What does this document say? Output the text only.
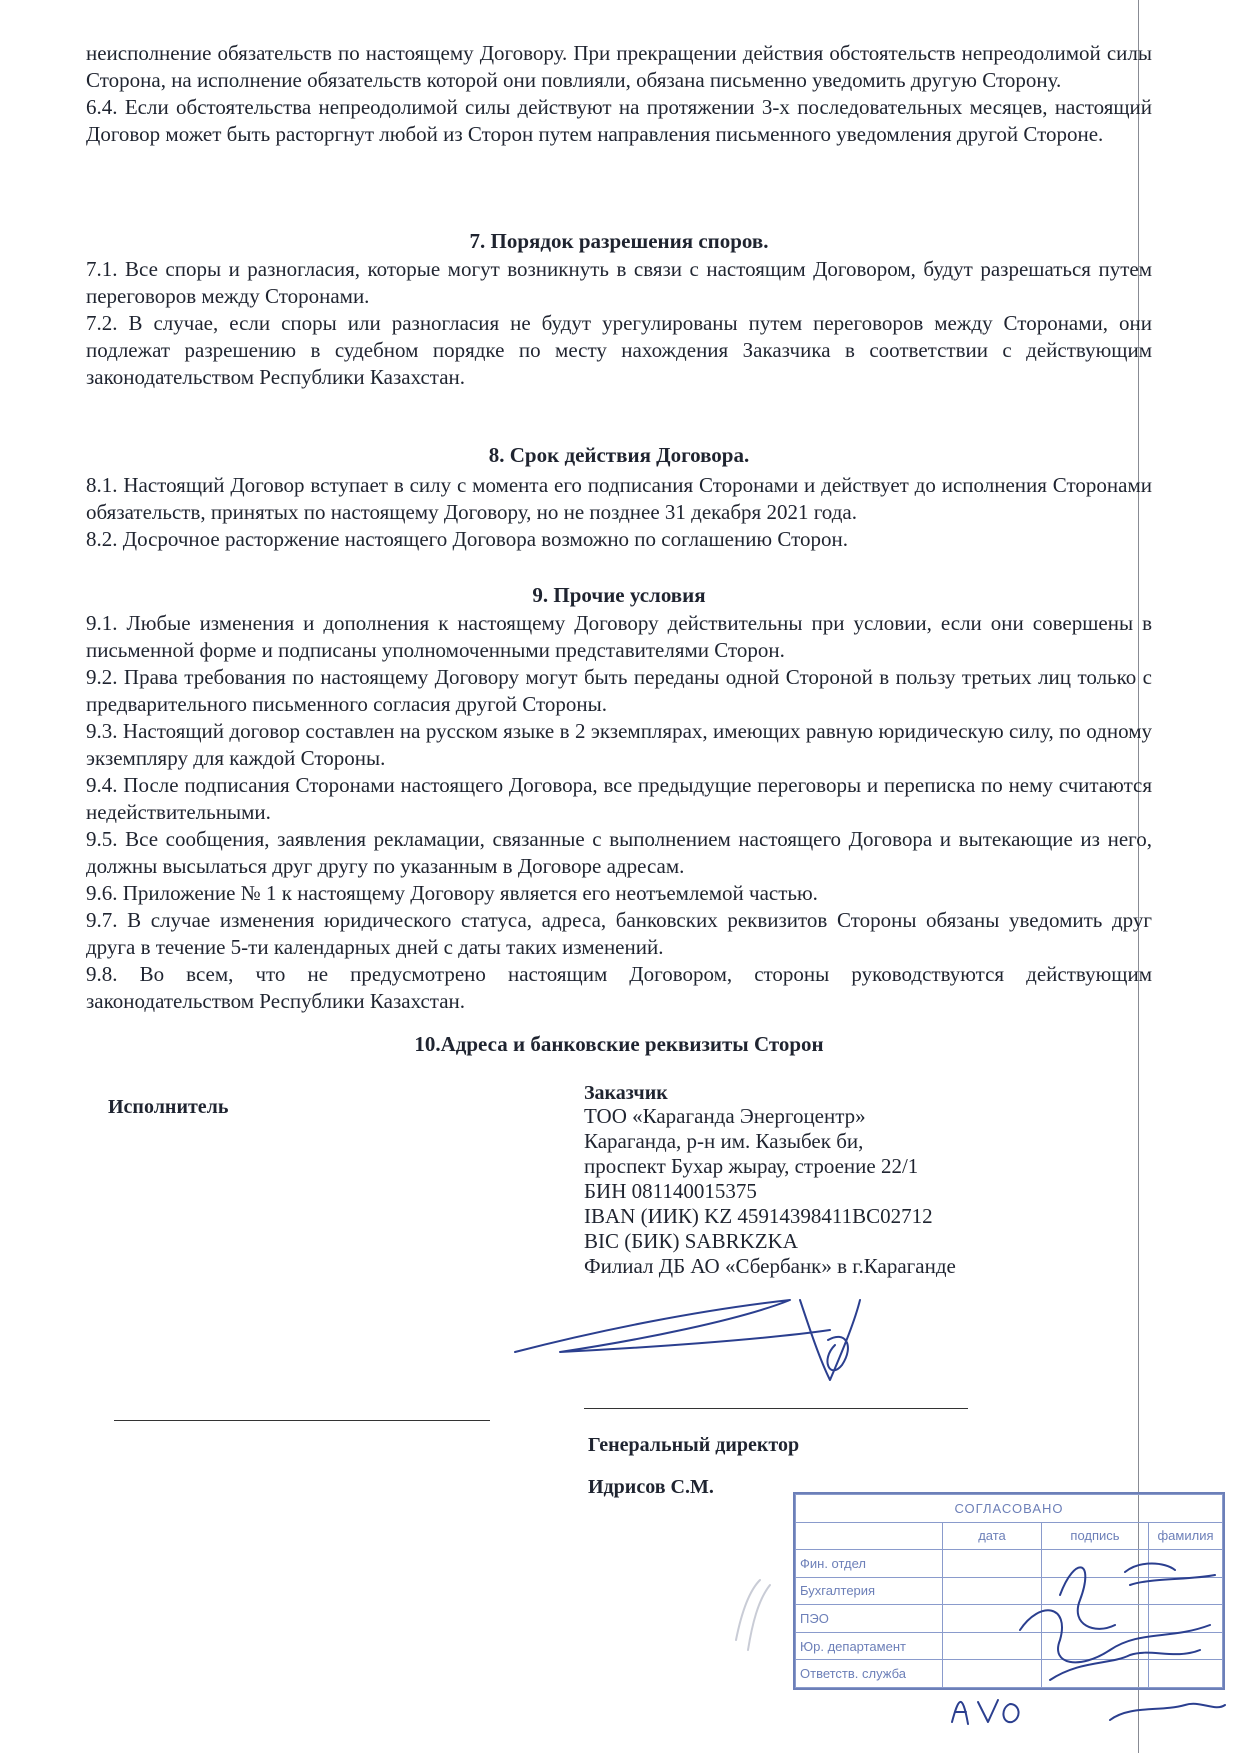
неисполнение обязательств по настоящему Договору. При прекращении действия обстоятельств непреодолимой силы Сторона, на исполнение обязательств которой они повлияли, обязана письменно уведомить другую Сторону.

6.4. Если обстоятельства непреодолимой силы действуют на протяжении 3-х последовательных месяцев, настоящий Договор может быть расторгнут любой из Сторон путем направления письменного уведомления другой Стороне.

7. Порядок разрешения споров.

7.1. Все споры и разногласия, которые могут возникнуть в связи с настоящим Договором, будут разрешаться путем переговоров между Сторонами.

7.2. В случае, если споры или разногласия не будут урегулированы путем переговоров между Сторонами, они подлежат разрешению в судебном порядке по месту нахождения Заказчика в соответствии с действующим законодательством Республики Казахстан.

8. Срок действия Договора.

8.1. Настоящий Договор вступает в силу с момента его подписания Сторонами и действует до исполнения Сторонами обязательств, принятых по настоящему Договору, но не позднее 31 декабря 2021 года.

8.2. Досрочное расторжение настоящего Договора возможно по соглашению Сторон.

9. Прочие условия

9.1. Любые изменения и дополнения к настоящему Договору действительны при условии, если они совершены в письменной форме и подписаны уполномоченными представителями Сторон.

9.2. Права требования по настоящему Договору могут быть переданы одной Стороной в пользу третьих лиц только с предварительного письменного согласия другой Стороны.

9.3. Настоящий договор составлен на русском языке в 2 экземплярах, имеющих равную юридическую силу, по одному экземпляру для каждой Стороны.

9.4. После подписания Сторонами настоящего Договора, все предыдущие переговоры и переписка по нему считаются недействительными.

9.5. Все сообщения, заявления рекламации, связанные с выполнением настоящего Договора и вытекающие из него, должны высылаться друг другу по указанным в Договоре адресам.

9.6. Приложение № 1 к настоящему Договору является его неотъемлемой частью.

9.7. В случае изменения юридического статуса, адреса, банковских реквизитов Стороны обязаны уведомить друг друга в течение 5-ти календарных дней с даты таких изменений.

9.8. Во всем, что не предусмотрено настоящим Договором, стороны руководствуются действующим законодательством Республики Казахстан.

10.Адреса и банковские реквизиты Сторон
Исполнитель
Заказчик
ТОО «Караганда Энергоцентр»
Караганда, р-н им. Казыбек би,
проспект Бухар жырау, строение 22/1
БИН 081140015375
IBAN (ИИК) KZ 45914398411BC02712
BIC (БИК) SABRKZKA
Филиал ДБ АО «Сбербанк» в г.Караганде
Генеральный директор
Идрисов С.М.
СОГЛАСОВАНО			
	дата	подпись	фамилия
Фин. отдел			
Бухгалтерия			
ПЭО			
Юр. департамент			
Ответств. служба			
